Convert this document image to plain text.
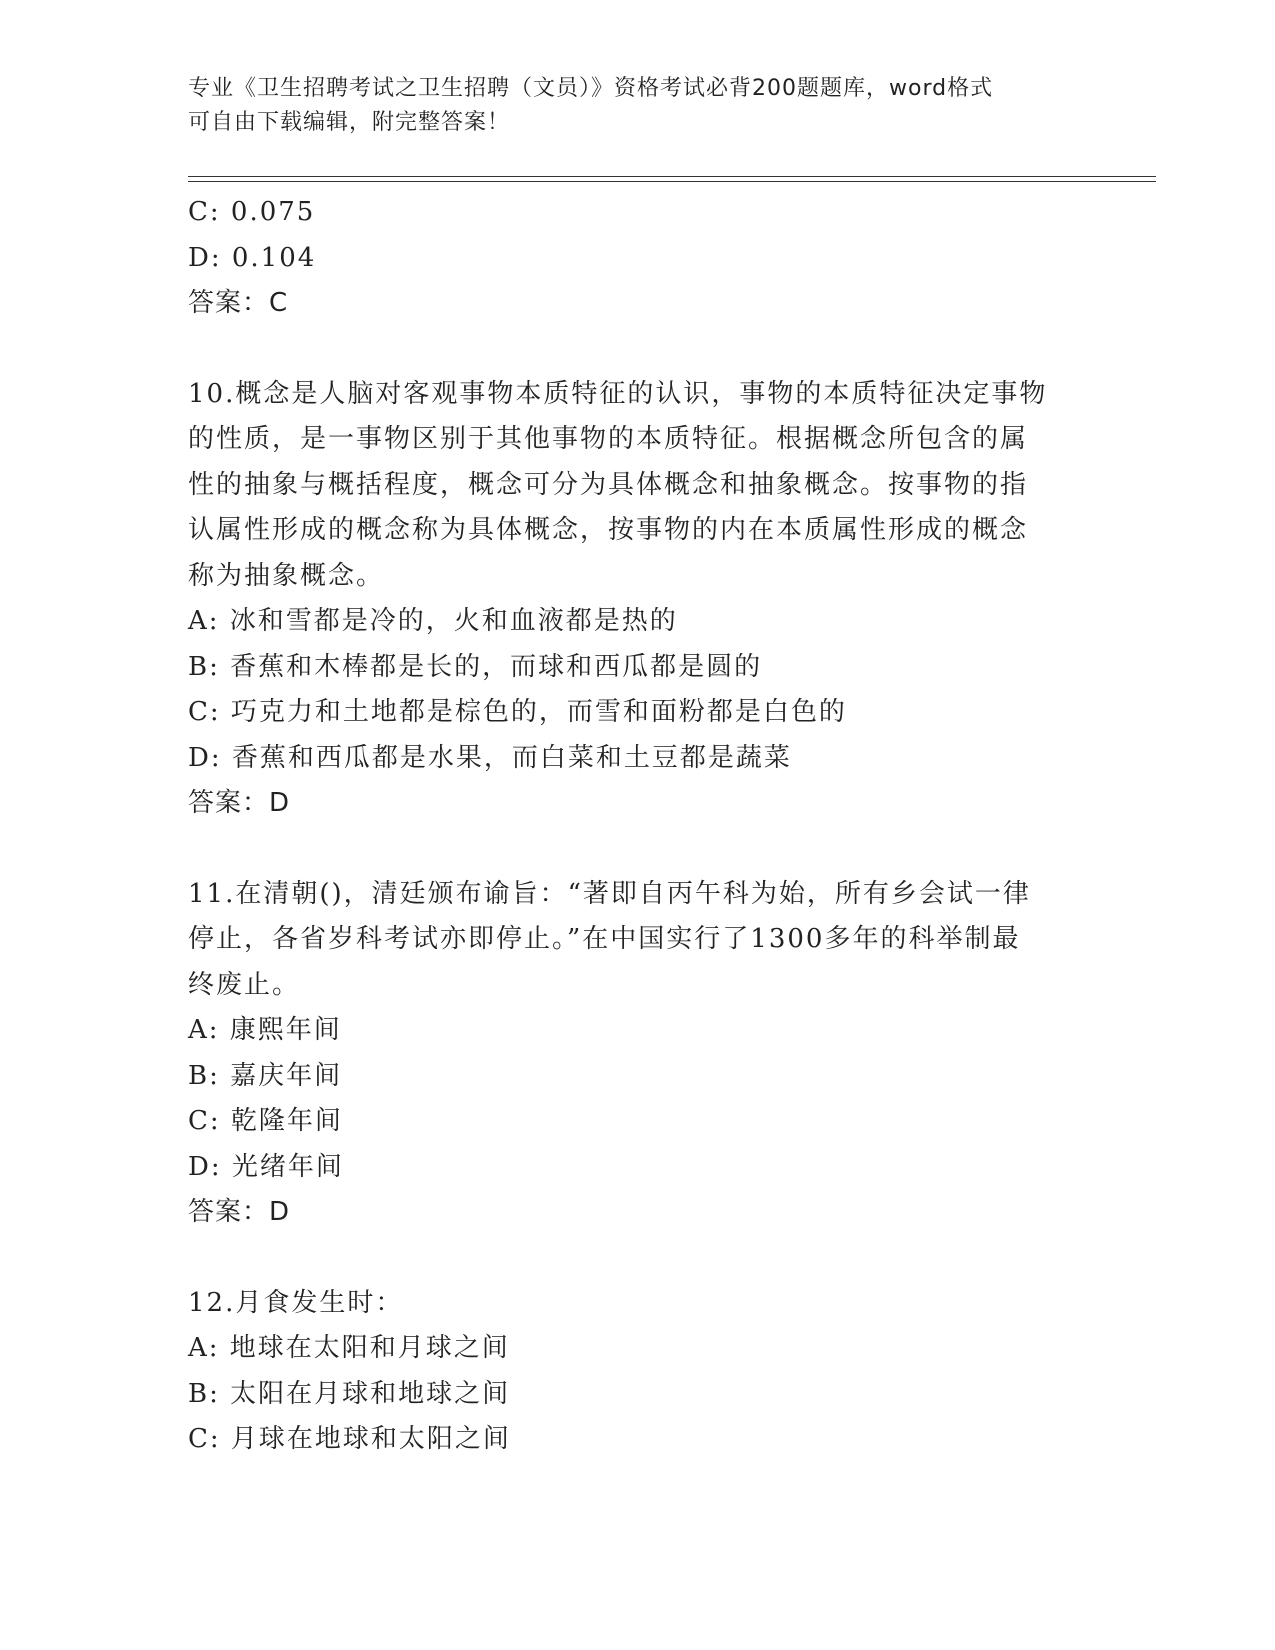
专业《卫生招聘考试之卫生招聘（文员）》资格考试必背200题题库，word格式
可自由下载编辑，附完整答案！
C: 0.075
D: 0.104
答案：C
10.概念是人脑对客观事物本质特征的认识，事物的本质特征决定事物
的性质，是一事物区别于其他事物的本质特征。根据概念所包含的属
性的抽象与概括程度，概念可分为具体概念和抽象概念。按事物的指
认属性形成的概念称为具体概念，按事物的内在本质属性形成的概念
称为抽象概念。
A: 冰和雪都是冷的，火和血液都是热的
B: 香蕉和木棒都是长的，而球和西瓜都是圆的
C: 巧克力和土地都是棕色的，而雪和面粉都是白色的
D: 香蕉和西瓜都是水果，而白菜和土豆都是蔬菜
答案：D
11.在清朝()，清廷颁布谕旨：“著即自丙午科为始，所有乡会试一律
停止，各省岁科考试亦即停止。”在中国实行了1300多年的科举制最
终废止。
A: 康熙年间
B: 嘉庆年间
C: 乾隆年间
D: 光绪年间
答案：D
12.月食发生时：
A: 地球在太阳和月球之间
B: 太阳在月球和地球之间
C: 月球在地球和太阳之间
